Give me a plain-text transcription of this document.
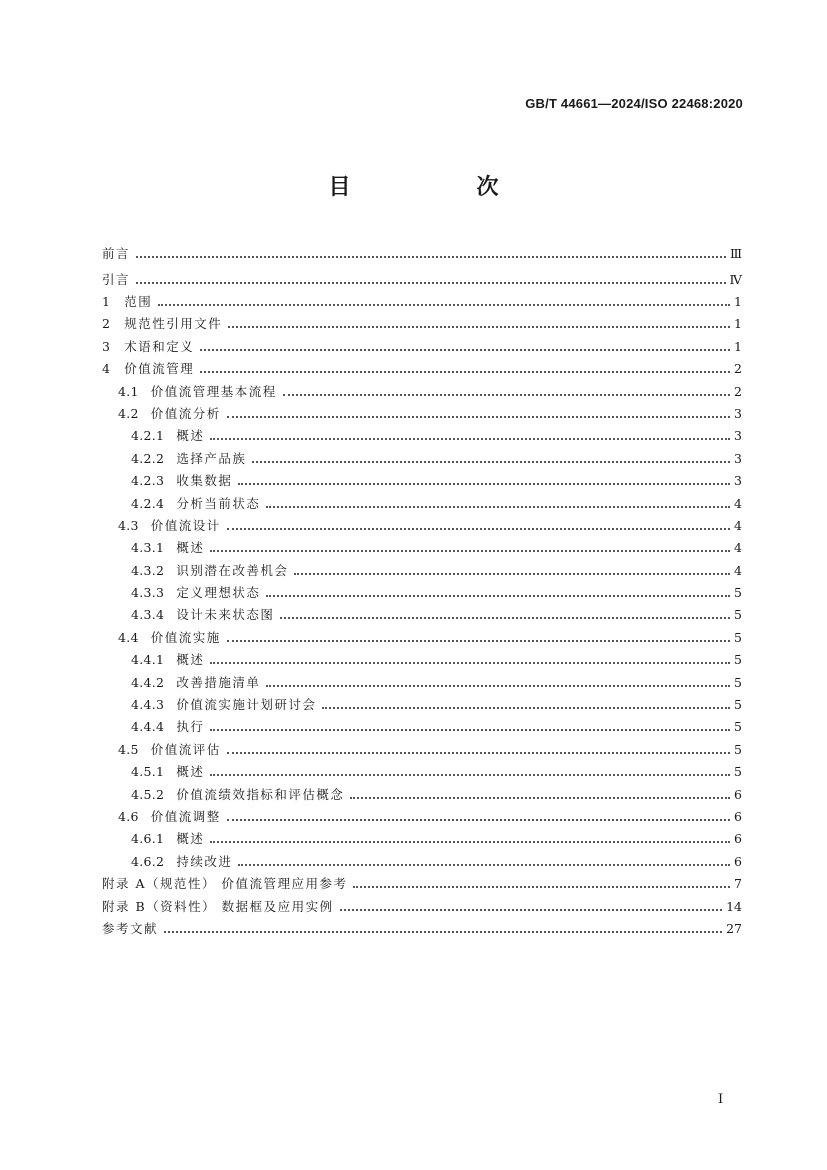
GB/T 44661—2024/ISO 22468:2020
目　次
前言	Ⅲ
引言	Ⅳ
1 范围	1
2 规范性引用文件	1
3 术语和定义	1
4 价值流管理	2
4.1 价值流管理基本流程	2
4.2 价值流分析	3
4.2.1 概述	3
4.2.2 选择产品族	3
4.2.3 收集数据	3
4.2.4 分析当前状态	4
4.3 价值流设计	4
4.3.1 概述	4
4.3.2 识别潜在改善机会	4
4.3.3 定义理想状态	5
4.3.4 设计未来状态图	5
4.4 价值流实施	5
4.4.1 概述	5
4.4.2 改善措施清单	5
4.4.3 价值流实施计划研讨会	5
4.4.4 执行	5
4.5 价值流评估	5
4.5.1 概述	5
4.5.2 价值流绩效指标和评估概念	6
4.6 价值流调整	6
4.6.1 概述	6
4.6.2 持续改进	6
附录 A（规范性） 价值流管理应用参考	7
附录 B（资料性） 数据框及应用实例	14
参考文献	27
Ⅰ
